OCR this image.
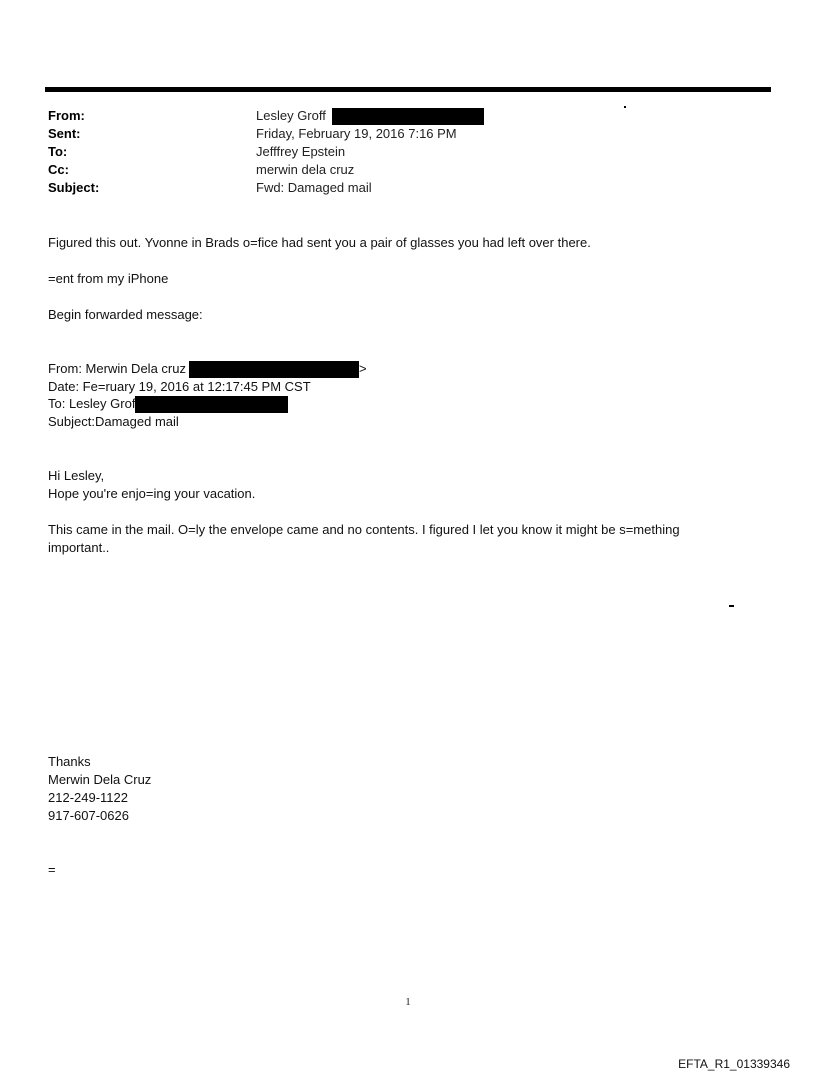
From:	Lesley Groff
Sent:	Friday, February 19, 2016 7:16 PM
To:	Jefffrey Epstein
Cc:	merwin dela cruz
Subject:	Fwd: Damaged mail
Figured this out. Yvonne in Brads o=fice had sent you a pair of glasses you had left over there.
=ent from my iPhone
Begin forwarded message:
From: Merwin Dela cruz	>
Date: Fe=ruary 19, 2016 at 12:17:45 PM CST
To: Lesley Grof
Subject:Damaged mail
Hi Lesley,
Hope you're enjo=ing your vacation.
This came in the mail. O=ly the envelope came and no contents. I figured I let you know it might be s=mething important..
Thanks
Merwin Dela Cruz
212-249-1122
917-607-0626
=
1
EFTA_R1_01339346
